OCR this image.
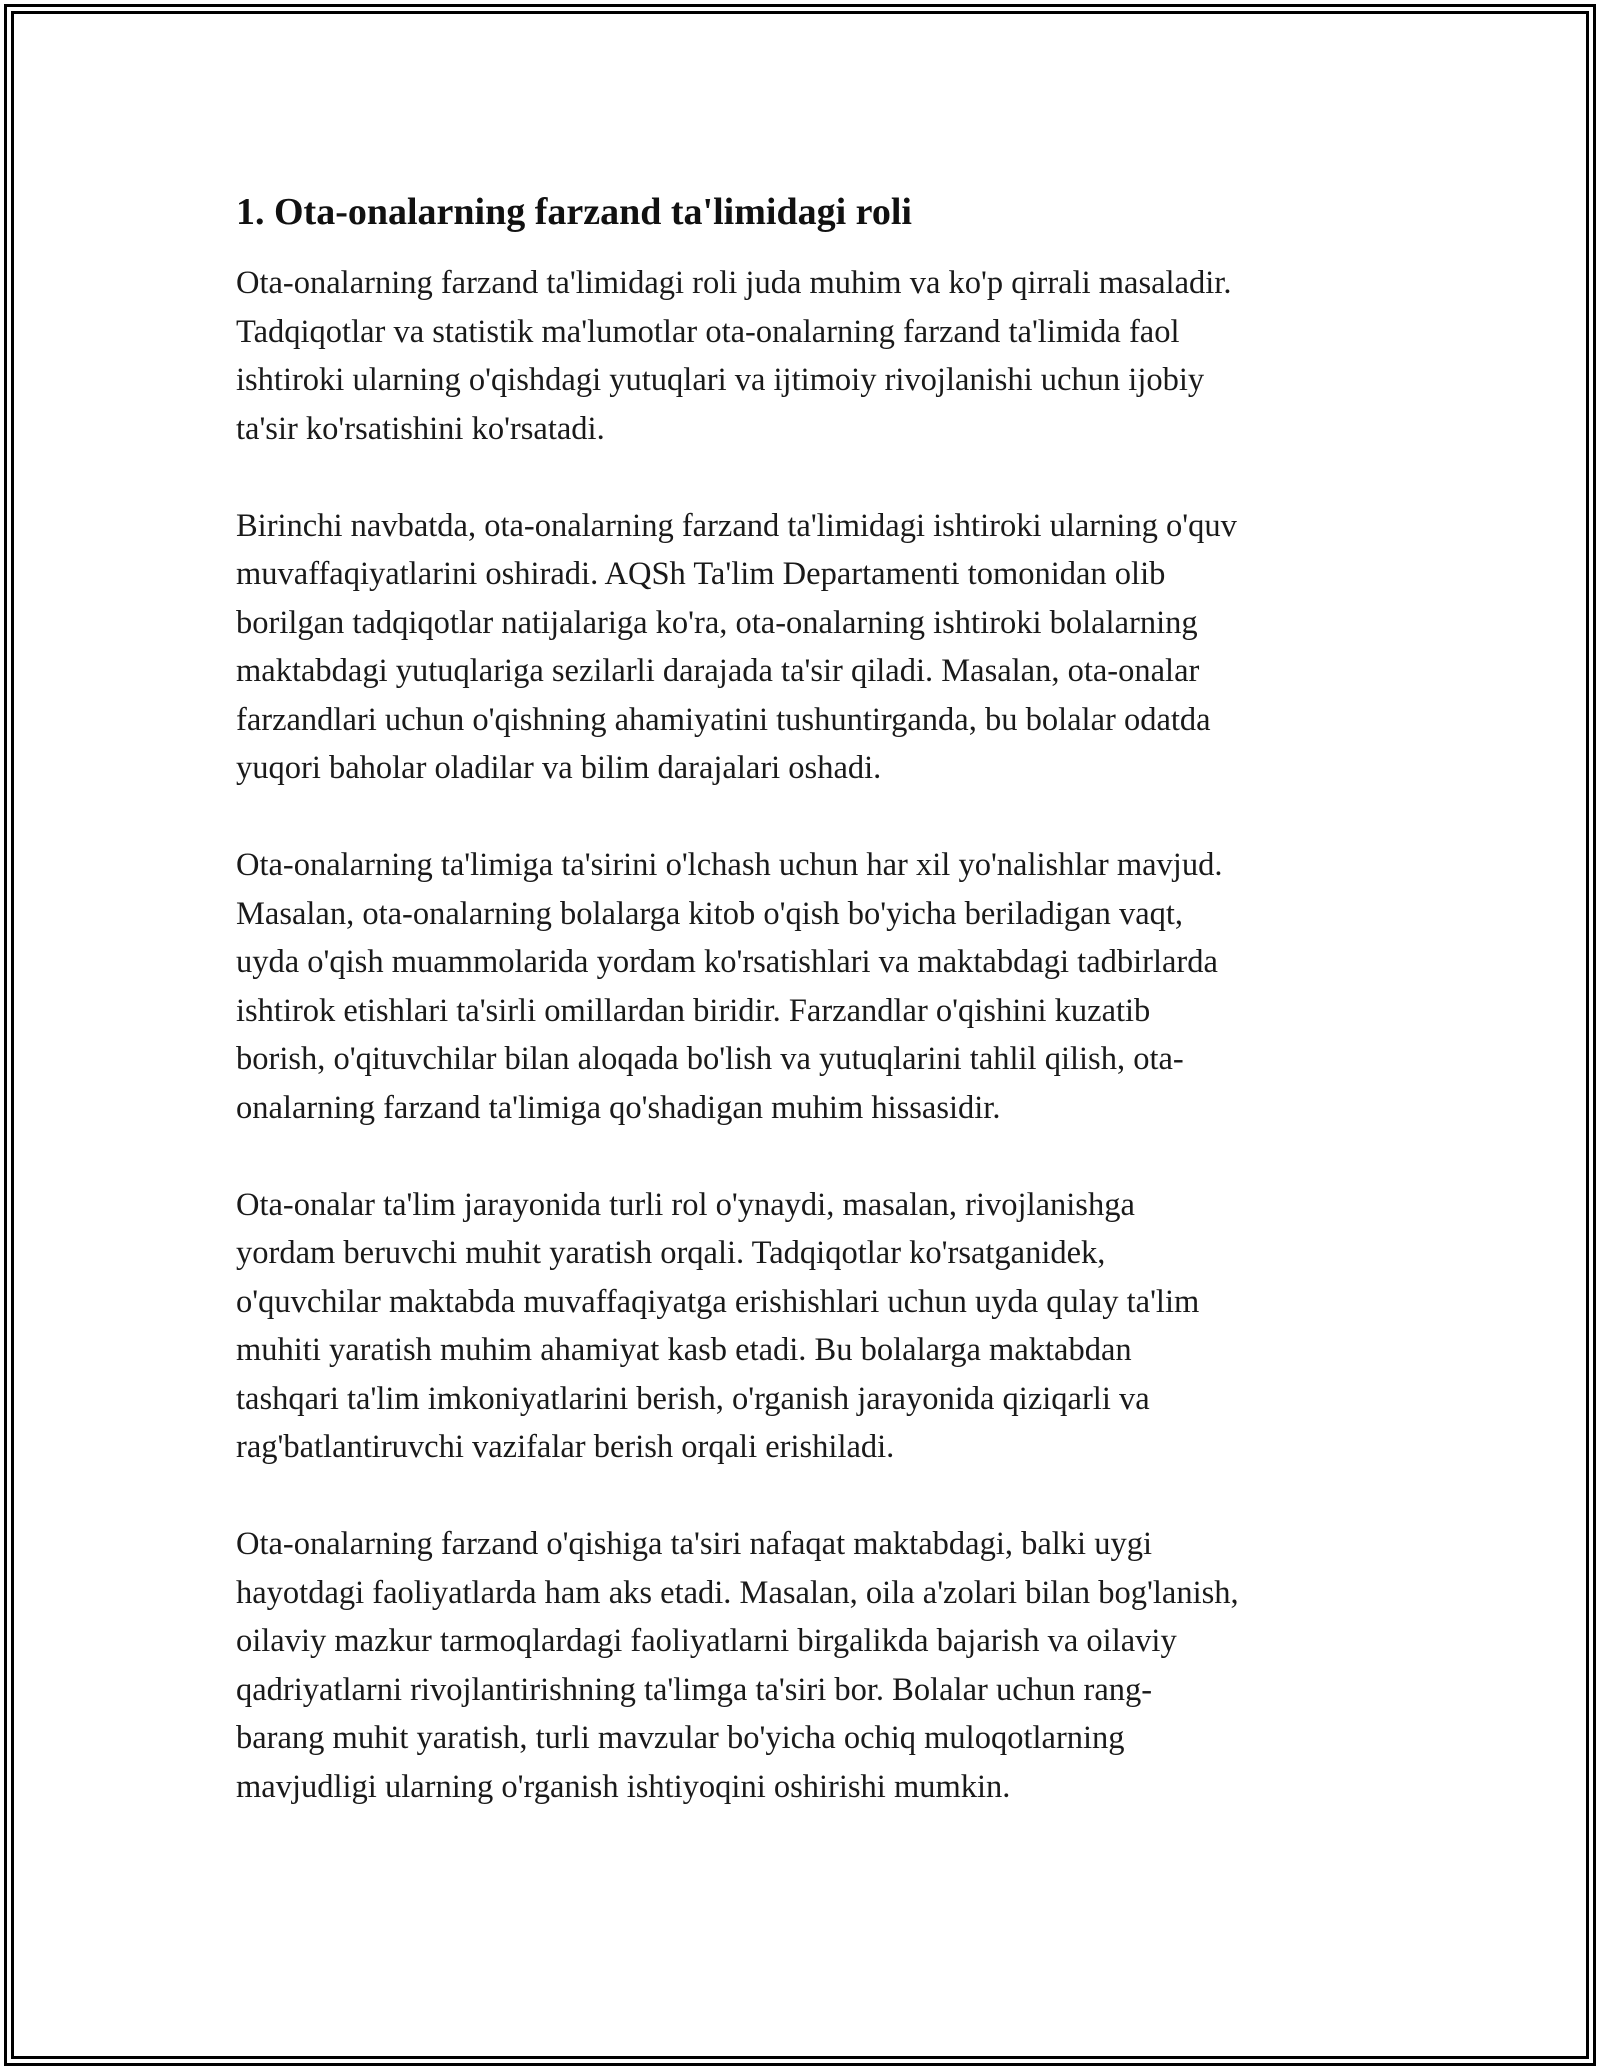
1. Ota-onalarning farzand ta'limidagi roli

Ota-onalarning farzand ta'limidagi roli juda muhim va ko'p qirrali masaladir.
Tadqiqotlar va statistik ma'lumotlar ota-onalarning farzand ta'limida faol
ishtiroki ularning o'qishdagi yutuqlari va ijtimoiy rivojlanishi uchun ijobiy
ta'sir ko'rsatishini ko'rsatadi.

Birinchi navbatda, ota-onalarning farzand ta'limidagi ishtiroki ularning o'quv
muvaffaqiyatlarini oshiradi. AQSh Ta'lim Departamenti tomonidan olib
borilgan tadqiqotlar natijalariga ko'ra, ota-onalarning ishtiroki bolalarning
maktabdagi yutuqlariga sezilarli darajada ta'sir qiladi. Masalan, ota-onalar
farzandlari uchun o'qishning ahamiyatini tushuntirganda, bu bolalar odatda
yuqori baholar oladilar va bilim darajalari oshadi.

Ota-onalarning ta'limiga ta'sirini o'lchash uchun har xil yo'nalishlar mavjud.
Masalan, ota-onalarning bolalarga kitob o'qish bo'yicha beriladigan vaqt,
uyda o'qish muammolarida yordam ko'rsatishlari va maktabdagi tadbirlarda
ishtirok etishlari ta'sirli omillardan biridir. Farzandlar o'qishini kuzatib
borish, o'qituvchilar bilan aloqada bo'lish va yutuqlarini tahlil qilish, ota-
onalarning farzand ta'limiga qo'shadigan muhim hissasidir.

Ota-onalar ta'lim jarayonida turli rol o'ynaydi, masalan, rivojlanishga
yordam beruvchi muhit yaratish orqali. Tadqiqotlar ko'rsatganidek,
o'quvchilar maktabda muvaffaqiyatga erishishlari uchun uyda qulay ta'lim
muhiti yaratish muhim ahamiyat kasb etadi. Bu bolalarga maktabdan
tashqari ta'lim imkoniyatlarini berish, o'rganish jarayonida qiziqarli va
rag'batlantiruvchi vazifalar berish orqali erishiladi.

Ota-onalarning farzand o'qishiga ta'siri nafaqat maktabdagi, balki uygi
hayotdagi faoliyatlarda ham aks etadi. Masalan, oila a'zolari bilan bog'lanish,
oilaviy mazkur tarmoqlardagi faoliyatlarni birgalikda bajarish va oilaviy
qadriyatlarni rivojlantirishning ta'limga ta'siri bor. Bolalar uchun rang-
barang muhit yaratish, turli mavzular bo'yicha ochiq muloqotlarning
mavjudligi ularning o'rganish ishtiyoqini oshirishi mumkin.
